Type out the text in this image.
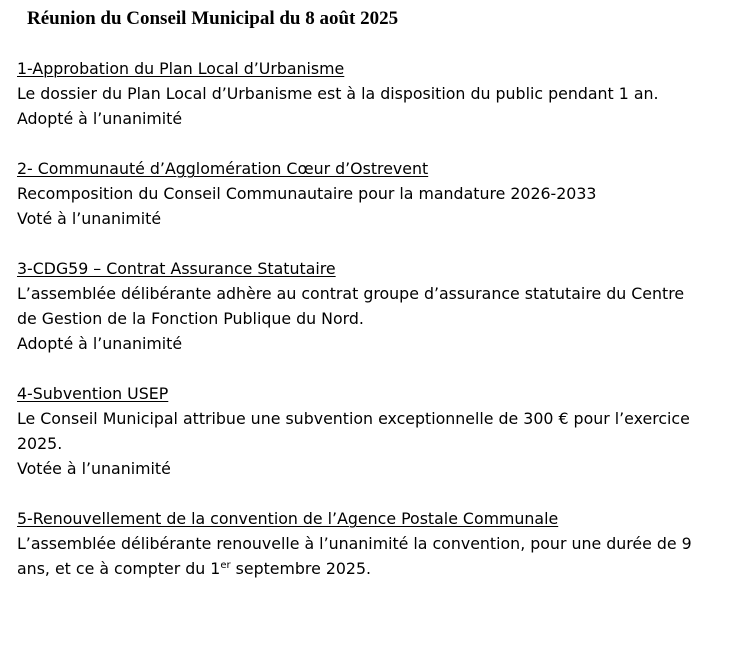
Réunion du Conseil Municipal du 8 août 2025
1-Approbation du Plan Local d’Urbanisme
Le dossier du Plan Local d’Urbanisme est à la disposition du public pendant 1 an.
Adopté à l’unanimité
2- Communauté d’Agglomération Cœur d’Ostrevent
Recomposition du Conseil Communautaire pour la mandature 2026-2033
Voté à l’unanimité
3-CDG59 – Contrat Assurance Statutaire
L’assemblée délibérante adhère au contrat groupe d’assurance statutaire du Centre
de Gestion de la Fonction Publique du Nord.
Adopté à l’unanimité
4-Subvention USEP
Le Conseil Municipal attribue une subvention exceptionnelle de 300 € pour l’exercice
2025.
Votée à l’unanimité
5-Renouvellement de la convention de l’Agence Postale Communale
L’assemblée délibérante renouvelle à l’unanimité la convention, pour une durée de 9
ans, et ce à compter du 1er septembre 2025.
